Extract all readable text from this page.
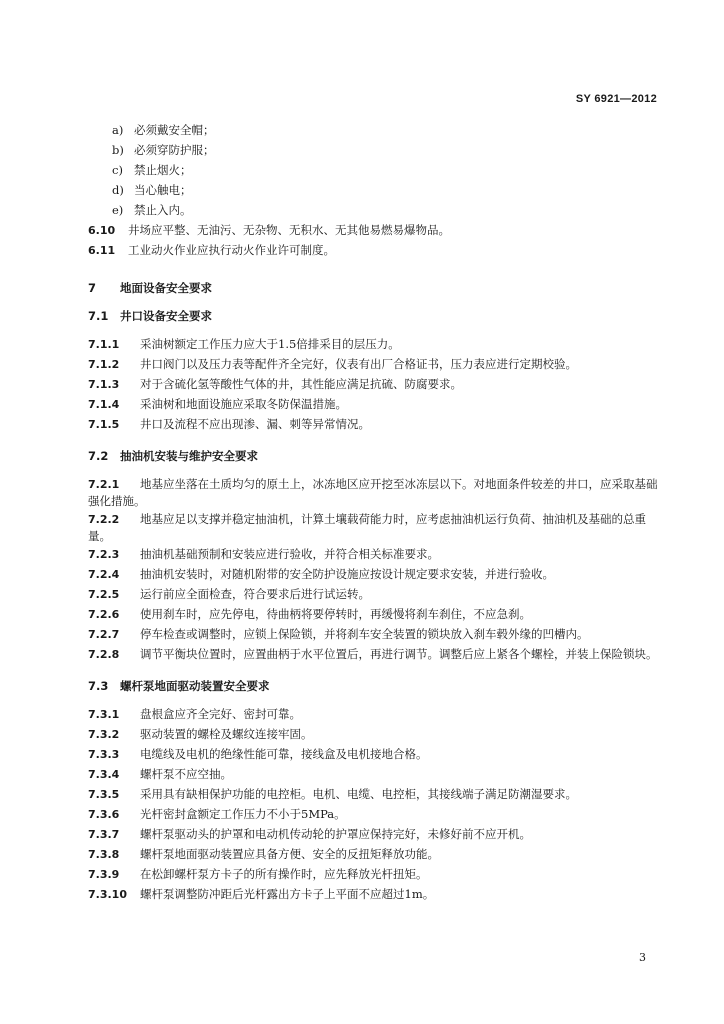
SY 6921—2012
a) 必须戴安全帽；
b) 必须穿防护服；
c) 禁止烟火；
d) 当心触电；
e) 禁止入内。
6.10 井场应平整、无油污、无杂物、无积水、无其他易燃易爆物品。
6.11 工业动火作业应执行动火作业许可制度。
7 地面设备安全要求
7.1 井口设备安全要求
7.1.1 采油树额定工作压力应大于1.5倍排采目的层压力。
7.1.2 井口阀门以及压力表等配件齐全完好，仪表有出厂合格证书，压力表应进行定期校验。
7.1.3 对于含硫化氢等酸性气体的井，其性能应满足抗硫、防腐要求。
7.1.4 采油树和地面设施应采取冬防保温措施。
7.1.5 井口及流程不应出现渗、漏、刺等异常情况。
7.2 抽油机安装与维护安全要求
7.2.1 地基应坐落在土质均匀的原土上，冰冻地区应开挖至冰冻层以下。对地面条件较差的井口，应采取基础强化措施。
7.2.2 地基应足以支撑并稳定抽油机，计算土壤载荷能力时，应考虑抽油机运行负荷、抽油机及基础的总重量。
7.2.3 抽油机基础预制和安装应进行验收，并符合相关标准要求。
7.2.4 抽油机安装时，对随机附带的安全防护设施应按设计规定要求安装，并进行验收。
7.2.5 运行前应全面检查，符合要求后进行试运转。
7.2.6 使用刹车时，应先停电，待曲柄将要停转时，再缓慢将刹车刹住，不应急刹。
7.2.7 停车检查或调整时，应锁上保险锁，并将刹车安全装置的锁块放入刹车毂外缘的凹槽内。
7.2.8 调节平衡块位置时，应置曲柄于水平位置后，再进行调节。调整后应上紧各个螺栓，并装上保险锁块。
7.3 螺杆泵地面驱动装置安全要求
7.3.1 盘根盒应齐全完好、密封可靠。
7.3.2 驱动装置的螺栓及螺纹连接牢固。
7.3.3 电缆线及电机的绝缘性能可靠，接线盒及电机接地合格。
7.3.4 螺杆泵不应空抽。
7.3.5 采用具有缺相保护功能的电控柜。电机、电缆、电控柜，其接线端子满足防潮湿要求。
7.3.6 光杆密封盒额定工作压力不小于5MPa。
7.3.7 螺杆泵驱动头的护罩和电动机传动轮的护罩应保持完好，未修好前不应开机。
7.3.8 螺杆泵地面驱动装置应具备方便、安全的反扭矩释放功能。
7.3.9 在松卸螺杆泵方卡子的所有操作时，应先释放光杆扭矩。
7.3.10 螺杆泵调整防冲距后光杆露出方卡子上平面不应超过1m。
3
